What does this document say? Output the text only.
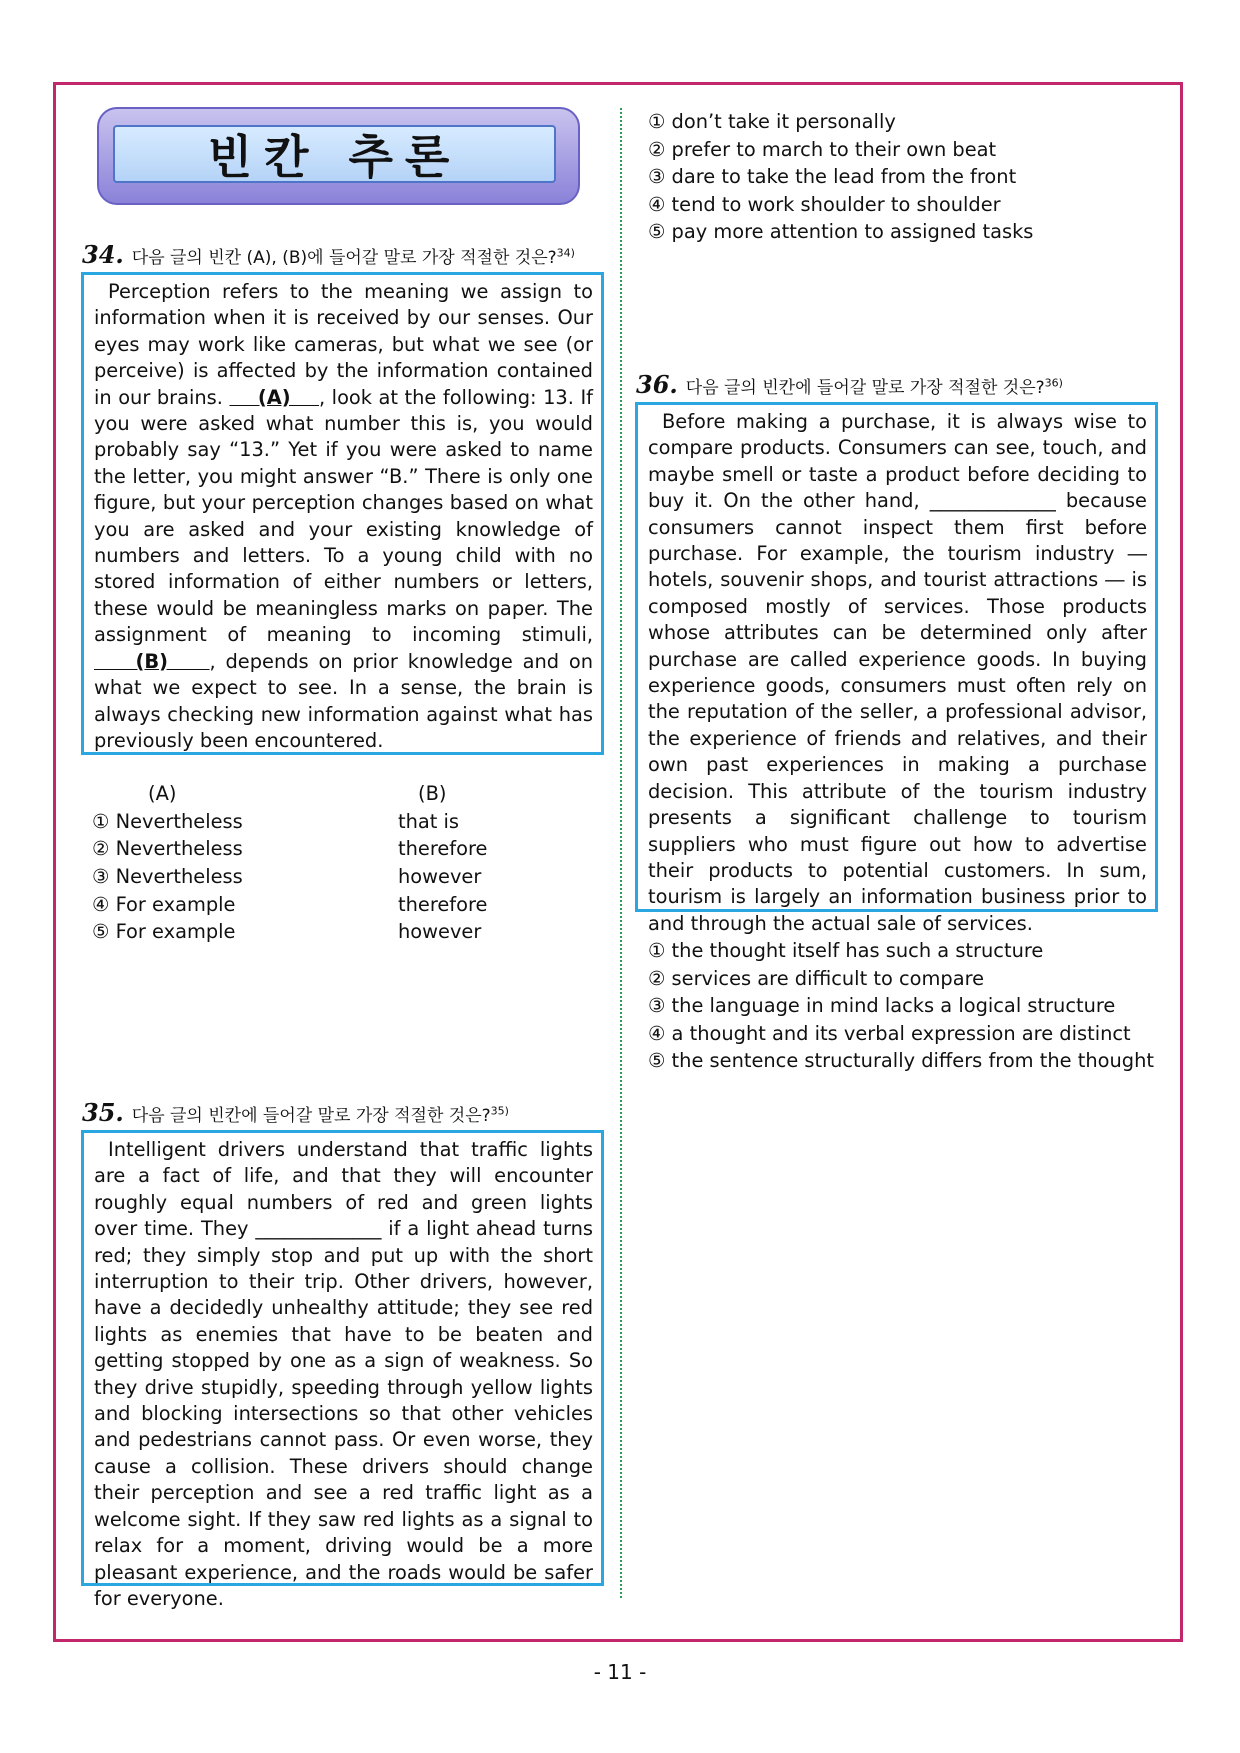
빈칸 추론
34. 다음 글의 빈칸 (A), (B)에 들어갈 말로 가장 적절한 것은?$^{34)}$

Perception refers to the meaning we assign to information when it is received by our senses. Our eyes may work like cameras, but what we see (or perceive) is affected by the information contained in our brains.     (A)    , look at the following: 13. If you were asked what number this is, you would probably say “13.” Yet if you were asked to name the letter, you might answer “B.” There is only one figure, but your perception changes based on what you are asked and your existing knowledge of numbers and letters. To a young child with no stored information of either numbers or letters, these would be meaningless marks on paper. The assignment of meaning to incoming stimuli,     (B)    , depends on prior knowledge and on what we expect to see. In a sense, the brain is always checking new information against what has previously been encountered.

(A)	(B)
① Nevertheless	that is
② Nevertheless	therefore
③ Nevertheless	however
④ For example	therefore
⑤ For example	however
35. 다음 글의 빈칸에 들어갈 말로 가장 적절한 것은?$^{35)}$

Intelligent drivers understand that traffic lights are a fact of life, and that they will encounter roughly equal numbers of red and green lights over time. They _____________ if a light ahead turns red; they simply stop and put up with the short interruption to their trip. Other drivers, however, have a decidedly unhealthy attitude; they see red lights as enemies that have to be beaten and getting stopped by one as a sign of weakness. So they drive stupidly, speeding through yellow lights and blocking intersections so that other vehicles and pedestrians cannot pass. Or even worse, they cause a collision. These drivers should change their perception and see a red traffic light as a welcome sight. If they saw red lights as a signal to relax for a moment, driving would be a more pleasant experience, and the roads would be safer for everyone.

① don’t take it personally
② prefer to march to their own beat
③ dare to take the lead from the front
④ tend to work shoulder to shoulder
⑤ pay more attention to assigned tasks
36. 다음 글의 빈칸에 들어갈 말로 가장 적절한 것은?$^{36)}$

Before making a purchase, it is always wise to compare products. Consumers can see, touch, and maybe smell or taste a product before deciding to buy it. On the other hand, _____________ because consumers cannot inspect them first before purchase. For example, the tourism industry ― hotels, souvenir shops, and tourist attractions ― is composed mostly of services. Those products whose attributes can be determined only after purchase are called experience goods. In buying experience goods, consumers must often rely on the reputation of the seller, a professional advisor, the experience of friends and relatives, and their own past experiences in making a purchase decision. This attribute of the tourism industry presents a significant challenge to tourism suppliers who must figure out how to advertise their products to potential customers. In sum, tourism is largely an information business prior to and through the actual sale of services.

① the thought itself has such a structure
② services are difficult to compare
③ the language in mind lacks a logical structure
④ a thought and its verbal expression are distinct
⑤ the sentence structurally differs from the thought
- 11 -
